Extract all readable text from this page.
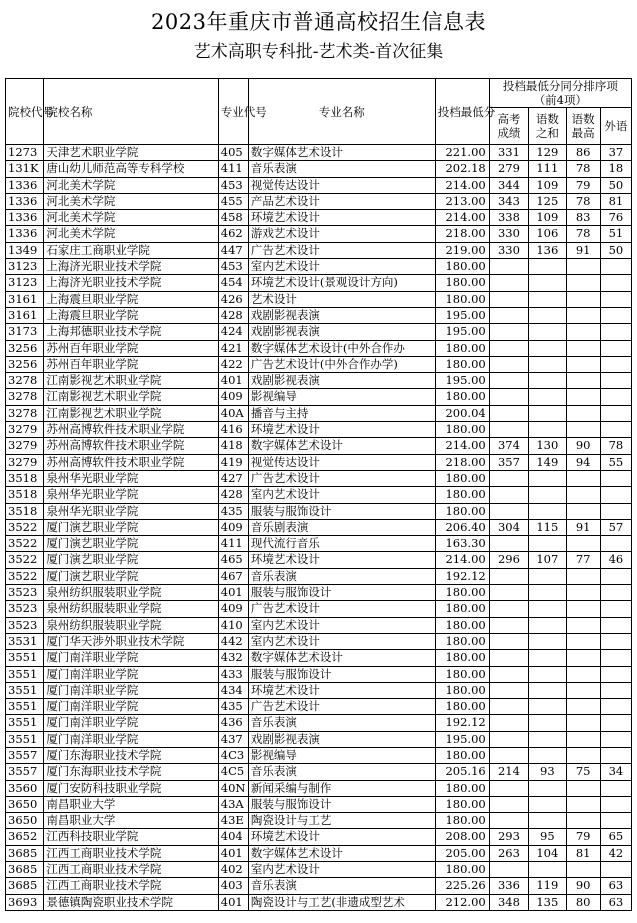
2023年重庆市普通高校招生信息表
艺术高职专科批-艺术类-首次征集
院校代号	院校名称	专业代号	专业名称	投档最低分	投档最低分同分排序项（前4项）			
					高考成绩	语数之和	语数最高	外语
1273	天津艺术职业学院	405	数字媒体艺术设计	221.00	331	129	86	37
131K	唐山幼儿师范高等专科学校	411	音乐表演	202.18	279	111	78	18
1336	河北美术学院	453	视觉传达设计	214.00	344	109	79	50
1336	河北美术学院	455	产品艺术设计	213.00	343	125	78	81
1336	河北美术学院	458	环境艺术设计	214.00	338	109	83	76
1336	河北美术学院	462	游戏艺术设计	218.00	330	106	78	51
1349	石家庄工商职业学院	447	广告艺术设计	219.00	330	136	91	50
3123	上海济光职业技术学院	453	室内艺术设计	180.00				
3123	上海济光职业技术学院	454	环境艺术设计(景观设计方向)	180.00				
3161	上海震旦职业学院	426	艺术设计	180.00				
3161	上海震旦职业学院	428	戏剧影视表演	195.00				
3173	上海邦德职业技术学院	424	戏剧影视表演	195.00				
3256	苏州百年职业学院	421	数字媒体艺术设计(中外合作办	180.00				
3256	苏州百年职业学院	422	广告艺术设计(中外合作办学)	180.00				
3278	江南影视艺术职业学院	401	戏剧影视表演	195.00				
3278	江南影视艺术职业学院	409	影视编导	180.00				
3278	江南影视艺术职业学院	40A	播音与主持	200.04				
3279	苏州高博软件技术职业学院	416	环境艺术设计	180.00				
3279	苏州高博软件技术职业学院	418	数字媒体艺术设计	214.00	374	130	90	78
3279	苏州高博软件技术职业学院	419	视觉传达设计	218.00	357	149	94	55
3518	泉州华光职业学院	427	广告艺术设计	180.00				
3518	泉州华光职业学院	428	室内艺术设计	180.00				
3518	泉州华光职业学院	435	服装与服饰设计	180.00				
3522	厦门演艺职业学院	409	音乐剧表演	206.40	304	115	91	57
3522	厦门演艺职业学院	411	现代流行音乐	163.30				
3522	厦门演艺职业学院	465	环境艺术设计	214.00	296	107	77	46
3522	厦门演艺职业学院	467	音乐表演	192.12				
3523	泉州纺织服装职业学院	401	服装与服饰设计	180.00				
3523	泉州纺织服装职业学院	409	广告艺术设计	180.00				
3523	泉州纺织服装职业学院	410	室内艺术设计	180.00				
3531	厦门华天涉外职业技术学院	442	室内艺术设计	180.00				
3551	厦门南洋职业学院	432	数字媒体艺术设计	180.00				
3551	厦门南洋职业学院	433	服装与服饰设计	180.00				
3551	厦门南洋职业学院	434	环境艺术设计	180.00				
3551	厦门南洋职业学院	435	广告艺术设计	180.00				
3551	厦门南洋职业学院	436	音乐表演	192.12				
3551	厦门南洋职业学院	437	戏剧影视表演	195.00				
3557	厦门东海职业技术学院	4C3	影视编导	180.00				
3557	厦门东海职业技术学院	4C5	音乐表演	205.16	214	93	75	34
3560	厦门安防科技职业学院	40N	新闻采编与制作	180.00				
3650	南昌职业大学	43A	服装与服饰设计	180.00				
3650	南昌职业大学	43E	陶瓷设计与工艺	180.00				
3652	江西科技职业学院	404	环境艺术设计	208.00	293	95	79	65
3685	江西工商职业技术学院	401	数字媒体艺术设计	205.00	263	104	81	42
3685	江西工商职业技术学院	402	室内艺术设计	180.00				
3685	江西工商职业技术学院	403	音乐表演	225.26	336	119	90	63
3693	景德镇陶瓷职业技术学院	401	陶瓷设计与工艺(非遗成型艺术	212.00	348	135	80	63
